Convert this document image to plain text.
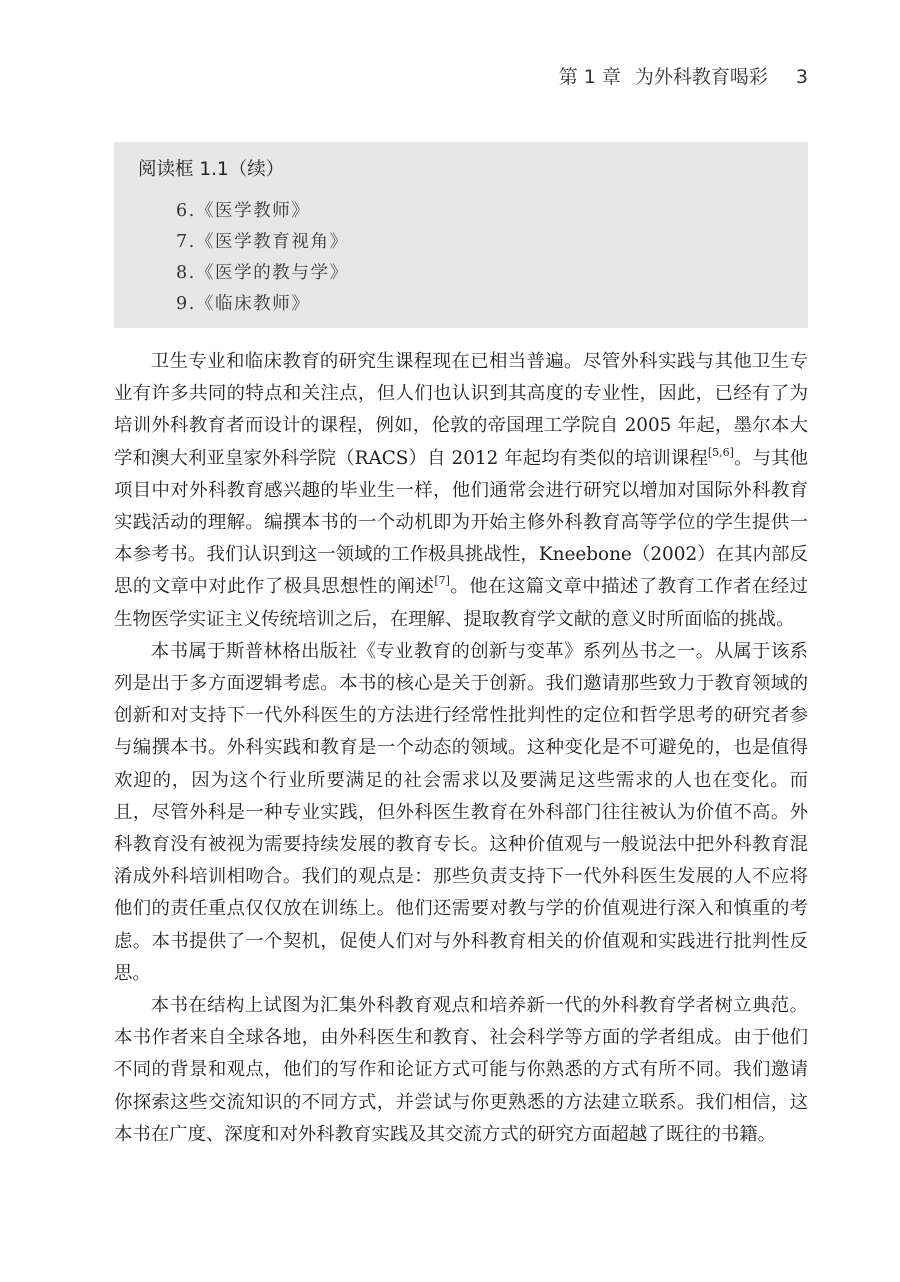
第 1 章 为外科教育喝彩 3
阅读框 1.1（续）
6.《医学教师》
7.《医学教育视角》
8.《医学的教与学》
9.《临床教师》

卫生专业和临床教育的研究生课程现在已相当普遍。尽管外科实践与其他卫生专业有许多共同的特点和关注点，但人们也认识到其高度的专业性，因此，已经有了为培训外科教育者而设计的课程，例如，伦敦的帝国理工学院自 2005 年起，墨尔本大学和澳大利亚皇家外科学院（RACS）自 2012 年起均有类似的培训课程[5,6]。与其他项目中对外科教育感兴趣的毕业生一样，他们通常会进行研究以增加对国际外科教育实践活动的理解。编撰本书的一个动机即为开始主修外科教育高等学位的学生提供一本参考书。我们认识到这一领域的工作极具挑战性，Kneebone（2002）在其内部反思的文章中对此作了极具思想性的阐述[7]。他在这篇文章中描述了教育工作者在经过生物医学实证主义传统培训之后，在理解、提取教育学文献的意义时所面临的挑战。

本书属于斯普林格出版社《专业教育的创新与变革》系列丛书之一。从属于该系列是出于多方面逻辑考虑。本书的核心是关于创新。我们邀请那些致力于教育领域的创新和对支持下一代外科医生的方法进行经常性批判性的定位和哲学思考的研究者参与编撰本书。外科实践和教育是一个动态的领域。这种变化是不可避免的，也是值得欢迎的，因为这个行业所要满足的社会需求以及要满足这些需求的人也在变化。而且，尽管外科是一种专业实践，但外科医生教育在外科部门往往被认为价值不高。外科教育没有被视为需要持续发展的教育专长。这种价值观与一般说法中把外科教育混淆成外科培训相吻合。我们的观点是：那些负责支持下一代外科医生发展的人不应将他们的责任重点仅仅放在训练上。他们还需要对教与学的价值观进行深入和慎重的考虑。本书提供了一个契机，促使人们对与外科教育相关的价值观和实践进行批判性反思。

本书在结构上试图为汇集外科教育观点和培养新一代的外科教育学者树立典范。本书作者来自全球各地，由外科医生和教育、社会科学等方面的学者组成。由于他们不同的背景和观点，他们的写作和论证方式可能与你熟悉的方式有所不同。我们邀请你探索这些交流知识的不同方式，并尝试与你更熟悉的方法建立联系。我们相信，这本书在广度、深度和对外科教育实践及其交流方式的研究方面超越了既往的书籍。
